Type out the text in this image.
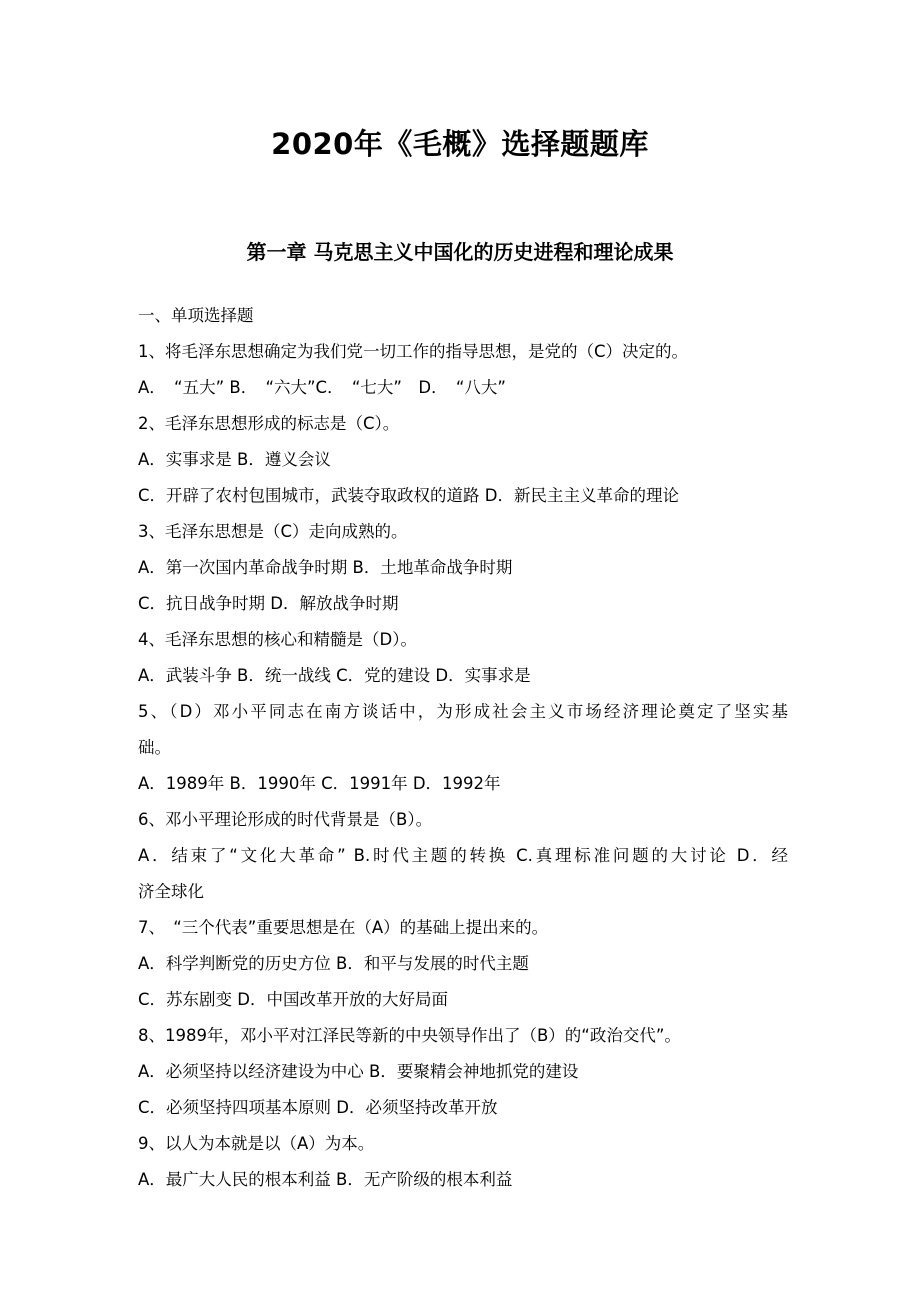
2020年《毛概》选择题题库
第一章 马克思主义中国化的历史进程和理论成果
一、单项选择题
1、将毛泽东思想确定为我们党一切工作的指导思想，是党的（C）决定的。
A．　“五大” B．　“六大”C．　“七大”　D．　“八大”
2、毛泽东思想形成的标志是（C）。
A．实事求是 B．遵义会议
C．开辟了农村包围城市，武装夺取政权的道路 D．新民主主义革命的理论
3、毛泽东思想是（C）走向成熟的。
A．第一次国内革命战争时期 B．土地革命战争时期
C．抗日战争时期 D．解放战争时期
4、毛泽东思想的核心和精髓是（D）。
A．武装斗争 B．统一战线 C．党的建设 D．实事求是
5、（D）邓小平同志在南方谈话中，为形成社会主义市场经济理论奠定了坚实基
础。
A．1989年 B．1990年 C．1991年 D．1992年
6、邓小平理论形成的时代背景是（B）。
A．结束了“文化大革命” B.时代主题的转换 C.真理标准问题的大讨论 D．经
济全球化
7、　“三个代表”重要思想是在（A）的基础上提出来的。
A．科学判断党的历史方位 B．和平与发展的时代主题
C．苏东剧变 D．中国改革开放的大好局面
8、1989年，邓小平对江泽民等新的中央领导作出了（B）的“政治交代”。
A．必须坚持以经济建设为中心 B．要聚精会神地抓党的建设
C．必须坚持四项基本原则 D．必须坚持改革开放
9、以人为本就是以（A）为本。
A．最广大人民的根本利益 B．无产阶级的根本利益
